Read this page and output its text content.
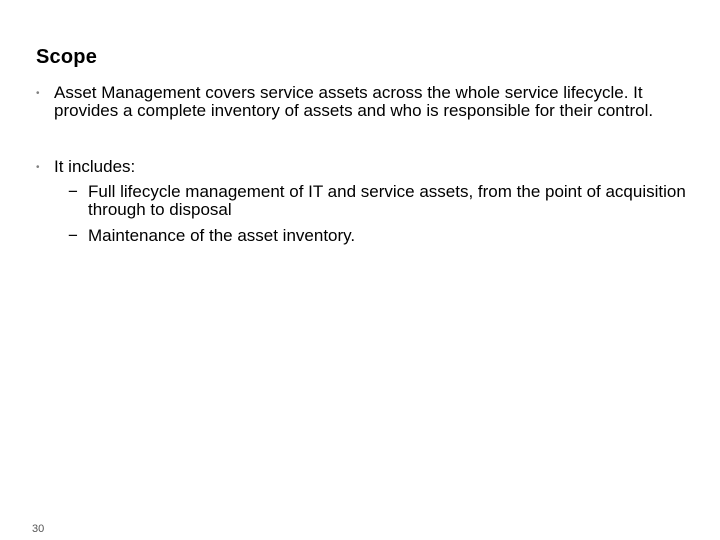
Scope
• Asset Management covers service assets across the whole service lifecycle. It provides a complete inventory of assets and who is responsible for their control.
• It includes:
− Full lifecycle management of IT and service assets, from the point of acquisition through to disposal
− Maintenance of the asset inventory.
30
